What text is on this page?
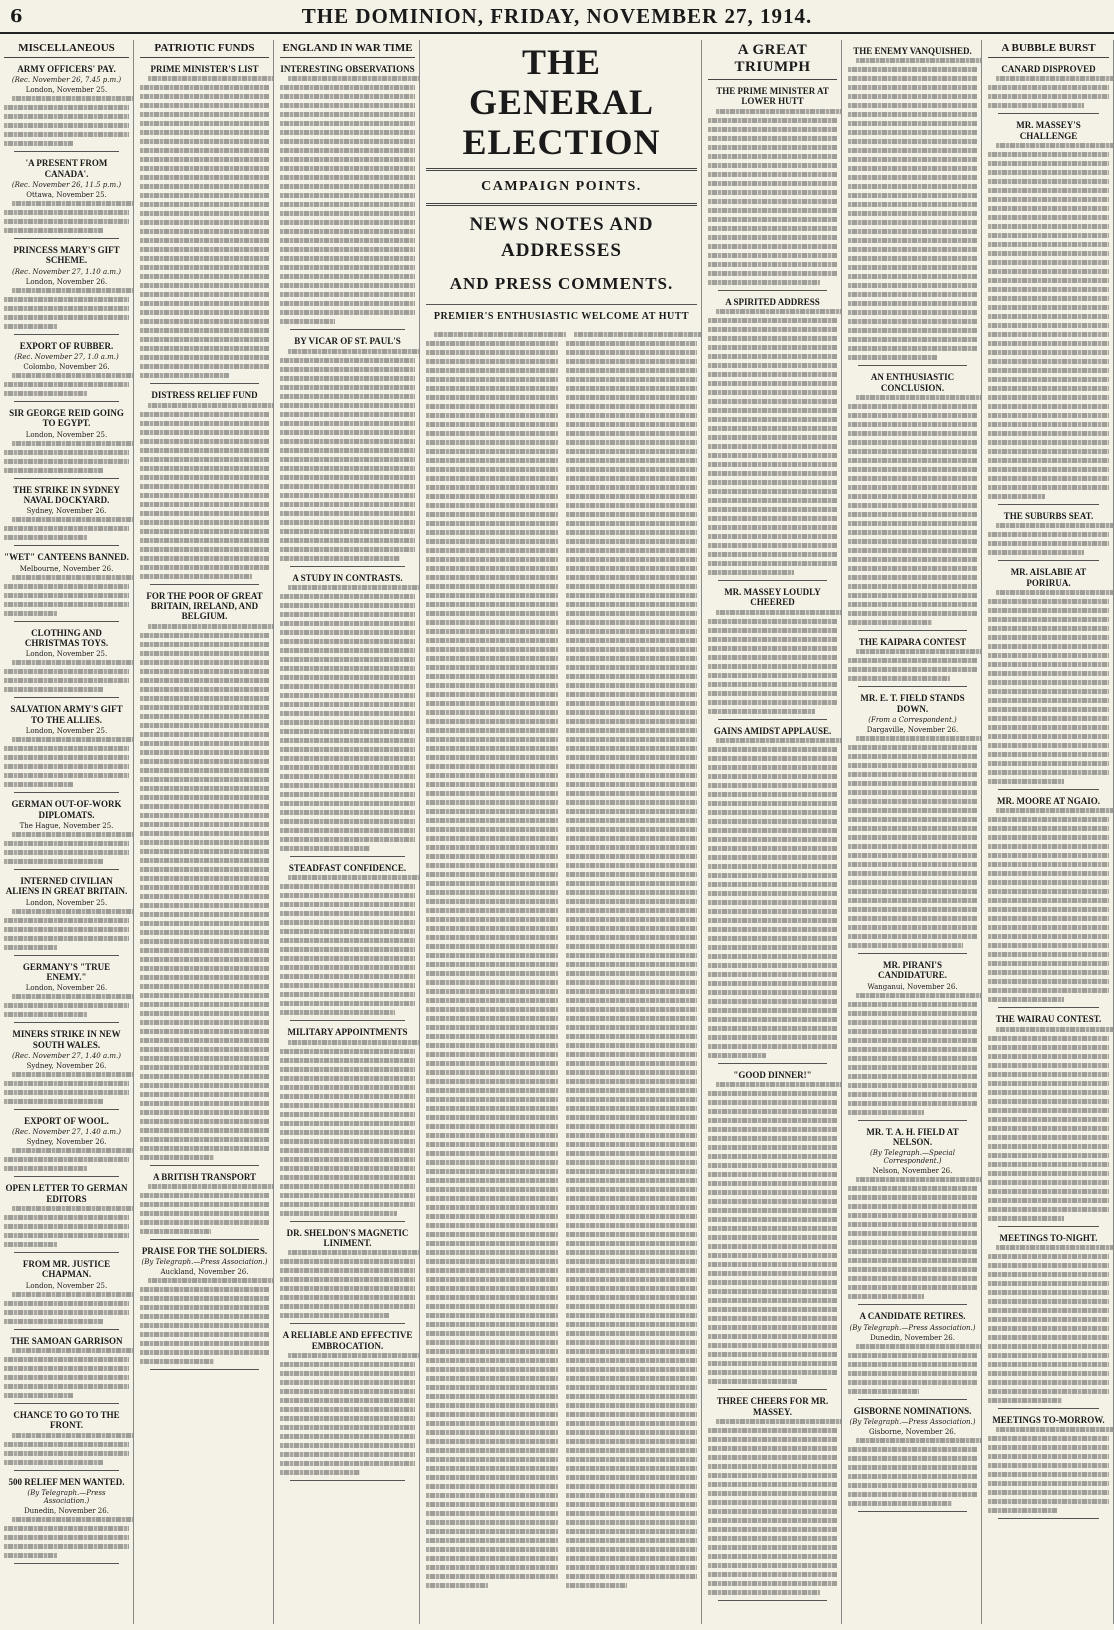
6	THE DOMINION, FRIDAY, NOVEMBER 27, 1914.
MISCELLANEOUS
ARMY OFFICERS' PAY.
(Rec. November 26, 7.45 p.m.)
London, November 25.
'A PRESENT FROM CANADA'.
(Rec. November 26, 11.5 p.m.)
Ottawa, November 25.
PRINCESS MARY'S GIFT SCHEME.
(Rec. November 27, 1.10 a.m.)
London, November 26.
EXPORT OF RUBBER.
(Rec. November 27, 1.0 a.m.)
Colombo, November 26.
SIR GEORGE REID GOING TO EGYPT.
London, November 25.
THE STRIKE IN SYDNEY NAVAL DOCKYARD.
Sydney, November 26.
"WET" CANTEENS BANNED.
Melbourne, November 26.
CLOTHING AND CHRISTMAS TOYS.
London, November 25.
SALVATION ARMY'S GIFT TO THE ALLIES.
London, November 25.
GERMAN OUT-OF-WORK DIPLOMATS.
The Hague, November 25.
INTERNED CIVILIAN ALIENS IN GREAT BRITAIN.
London, November 25.
GERMANY'S "TRUE ENEMY."
London, November 26.
MINERS STRIKE IN NEW SOUTH WALES.
(Rec. November 27, 1.40 a.m.)
Sydney, November 26.
EXPORT OF WOOL.
(Rec. November 27, 1.40 a.m.)
Sydney, November 26.
OPEN LETTER TO GERMAN EDITORS
FROM MR. JUSTICE CHAPMAN.
London, November 25.
THE SAMOAN GARRISON
CHANCE TO GO TO THE FRONT.
500 RELIEF MEN WANTED.
(By Telegraph.—Press Association.)
Dunedin, November 26.
PATRIOTIC FUNDS
PRIME MINISTER'S LIST
DISTRESS RELIEF FUND
FOR THE POOR OF GREAT BRITAIN, IRELAND, AND BELGIUM.
A BRITISH TRANSPORT
PRAISE FOR THE SOLDIERS.
(By Telegraph.—Press Association.)
Auckland, November 26.
ENGLAND IN WAR TIME
INTERESTING OBSERVATIONS
BY VICAR OF ST. PAUL'S
A STUDY IN CONTRASTS.
STEADFAST CONFIDENCE.
MILITARY APPOINTMENTS
DR. SHELDON'S MAGNETIC LINIMENT.
A RELIABLE AND EFFECTIVE EMBROCATION.
THE GENERAL ELECTION
CAMPAIGN POINTS.
NEWS NOTES AND ADDRESSES
AND PRESS COMMENTS.
PREMIER'S ENTHUSIASTIC WELCOME AT HUTT
A GREAT TRIUMPH
THE PRIME MINISTER AT LOWER HUTT
A SPIRITED ADDRESS
MR. MASSEY LOUDLY CHEERED
GAINS AMIDST APPLAUSE.
"GOOD DINNER!"
THREE CHEERS FOR MR. MASSEY.
THE ENEMY VANQUISHED.
AN ENTHUSIASTIC CONCLUSION.
THE KAIPARA CONTEST
MR. E. T. FIELD STANDS DOWN.
(From a Correspondent.)
Dargaville, November 26.
MR. PIRANI'S CANDIDATURE.
Wanganui, November 26.
MR. T. A. H. FIELD AT NELSON.
(By Telegraph.—Special Correspondent.)
Nelson, November 26.
A CANDIDATE RETIRES.
(By Telegraph.—Press Association.)
Dunedin, November 26.
GISBORNE NOMINATIONS.
(By Telegraph.—Press Association.)
Gisborne, November 26.
A BUBBLE BURST
CANARD DISPROVED
MR. MASSEY'S CHALLENGE
THE SUBURBS SEAT.
MR. AISLABIE AT PORIRUA.
MR. MOORE AT NGAIO.
THE WAIRAU CONTEST.
MEETINGS TO-NIGHT.
MEETINGS TO-MORROW.
